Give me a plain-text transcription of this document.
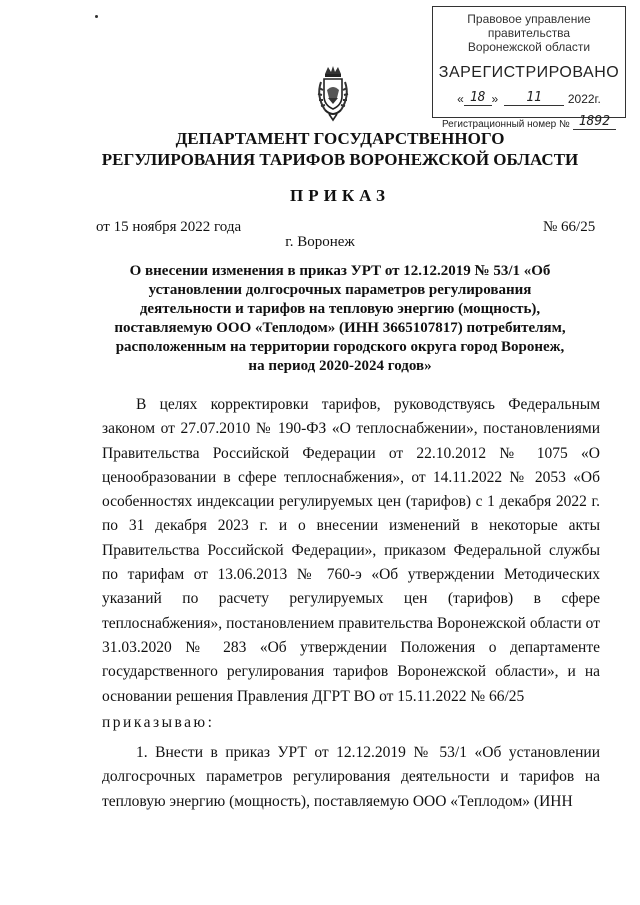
Правовое управление правительства
Воронежской области
ЗАРЕГИСТРИРОВАНО
« 18 »	11	2022г.
Регистрационный номер № 1892
ДЕПАРТАМЕНТ ГОСУДАРСТВЕННОГО РЕГУЛИРОВАНИЯ ТАРИФОВ ВОРОНЕЖСКОЙ ОБЛАСТИ
ПРИКАЗ
от 15 ноября 2022 года	№ 66/25
г. Воронеж
О внесении изменения в приказ УРТ от 12.12.2019 № 53/1 «Об установлении долгосрочных параметров регулирования деятельности и тарифов на тепловую энергию (мощность), поставляемую ООО «Теплодом» (ИНН 3665107817) потребителям, расположенным на территории городского округа город Воронеж, на период 2020-2024 годов»

В целях корректировки тарифов, руководствуясь Федеральным законом от 27.07.2010 № 190-ФЗ «О теплоснабжении», постановлениями Правительства Российской Федерации от 22.10.2012 № 1075 «О ценообразовании в сфере теплоснабжения», от 14.11.2022 № 2053 «Об особенностях индексации регулируемых цен (тарифов) с 1 декабря 2022 г. по 31 декабря 2023 г. и о внесении изменений в некоторые акты Правительства Российской Федерации», приказом Федеральной службы по тарифам от 13.06.2013 № 760-э «Об утверждении Методических указаний по расчету регулируемых цен (тарифов) в сфере теплоснабжения», постановлением правительства Воронежской области от 31.03.2020 № 283 «Об утверждении Положения о департаменте государственного регулирования тарифов Воронежской области», и на основании решения Правления ДГРТ ВО от 15.11.2022 № 66/25

приказываю:

1. Внести в приказ УРТ от 12.12.2019 № 53/1 «Об установлении долгосрочных параметров регулирования деятельности и тарифов на тепловую энергию (мощность), поставляемую ООО «Теплодом» (ИНН
